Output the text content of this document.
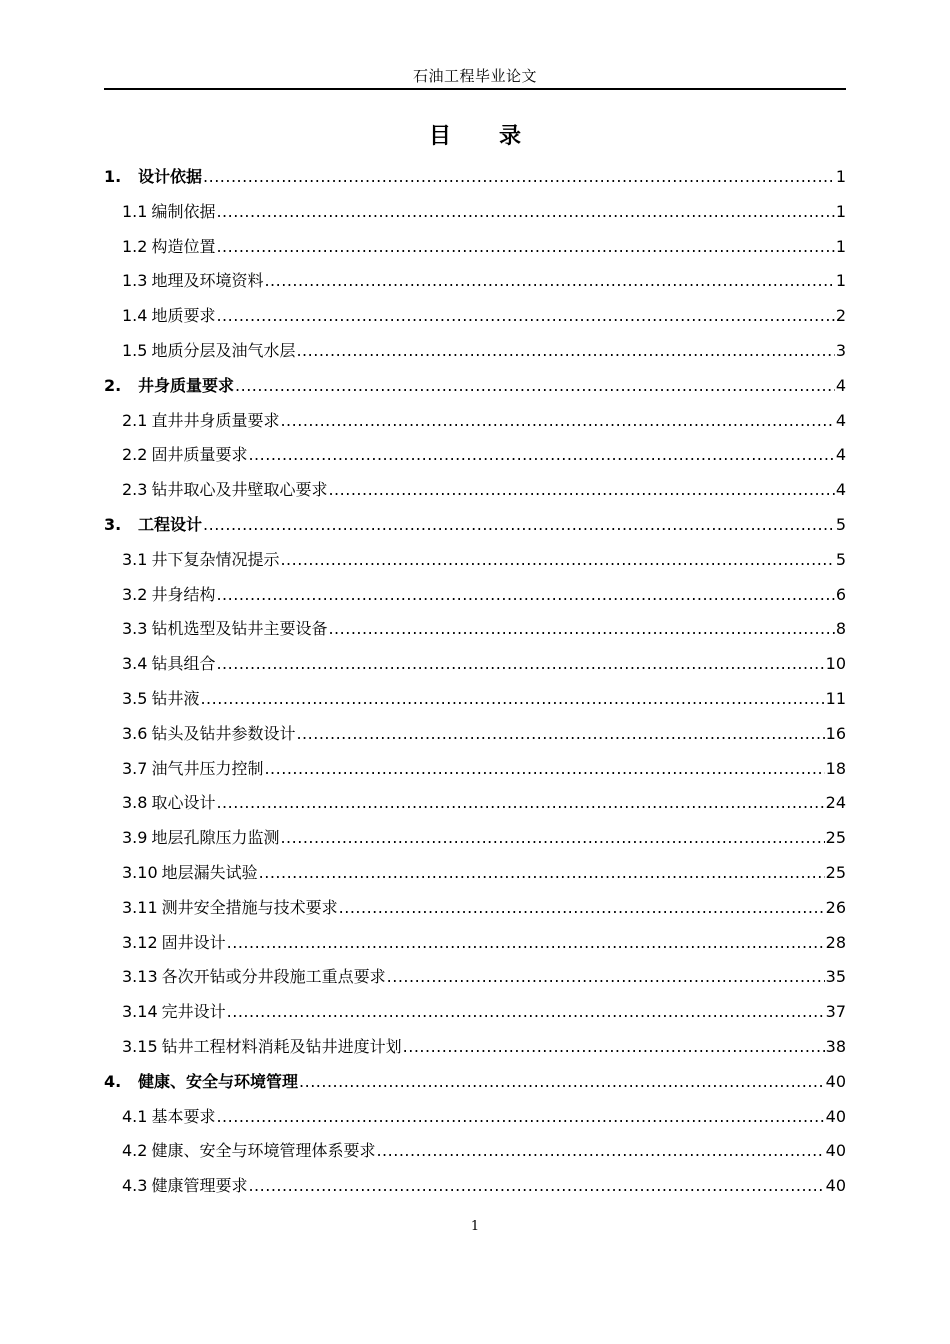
石油工程毕业论文
目录
1.	设计依据 .....	1
1.1 编制依据 .....	1
1.2 构造位置 .....	1
1.3 地理及环境资料 .....	1
1.4 地质要求 .....	2
1.5 地质分层及油气水层 .....	3
2.	井身质量要求 .....	4
2.1 直井井身质量要求 .....	4
2.2 固井质量要求 .....	4
2.3 钻井取心及井壁取心要求 .....	4
3.	工程设计 .....	5
3.1 井下复杂情况提示 .....	5
3.2 井身结构 .....	6
3.3 钻机选型及钻井主要设备 .....	8
3.4 钻具组合 .....	10
3.5 钻井液 .....	11
3.6 钻头及钻井参数设计 .....	16
3.7 油气井压力控制 .....	18
3.8 取心设计 .....	24
3.9 地层孔隙压力监测 .....	25
3.10 地层漏失试验 .....	25
3.11 测井安全措施与技术要求 .....	26
3.12 固井设计 .....	28
3.13 各次开钻或分井段施工重点要求 .....	35
3.14 完井设计 .....	37
3.15 钻井工程材料消耗及钻井进度计划 .....	38
4.	健康、安全与环境管理 .....	40
4.1 基本要求 .....	40
4.2 健康、安全与环境管理体系要求 .....	40
4.3 健康管理要求 .....	40
1
